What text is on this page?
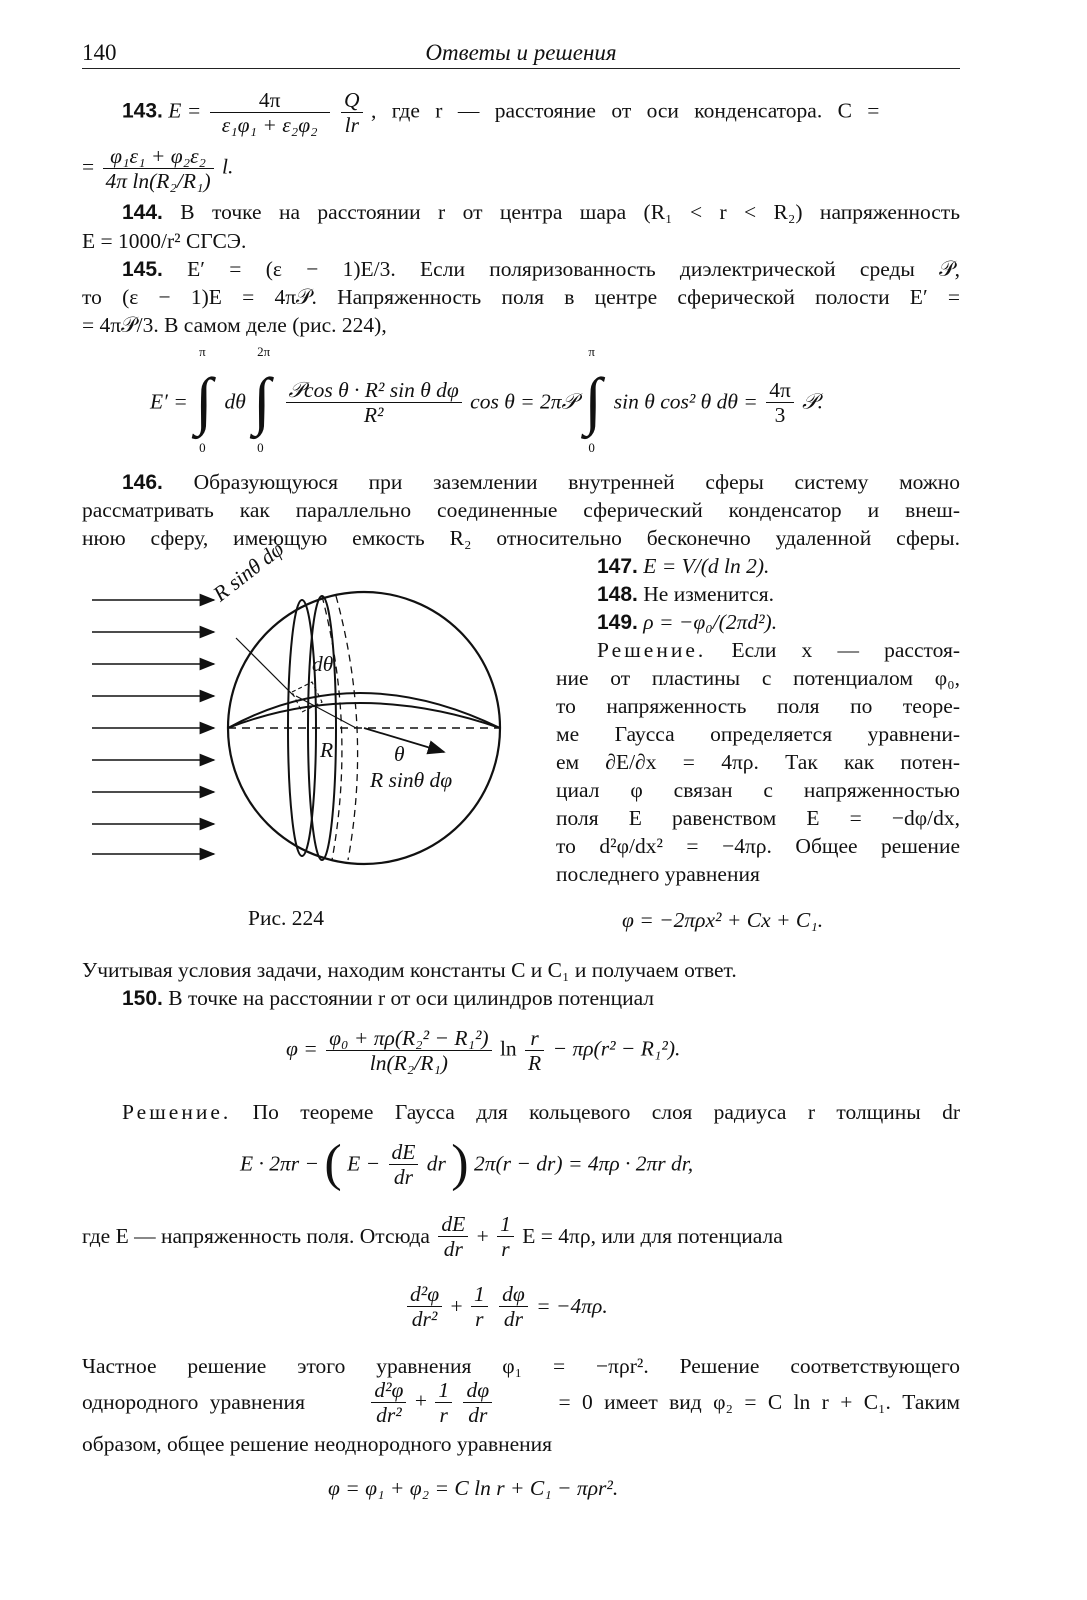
140	Ответы и решения
143. $E = \frac{4\pi}{\text{ε₁φ₁ + ε₂φ₂}}$
$\frac{Q}{lr}$ , где r — расстояние от оси конденсатора. C =
= $\frac{\text{φ₁ε₁ + φ₂ε₂}}{\text{4π ln(R₂/R₁)}} l$.
144. В точке на расстоянии r от центра шара (R₁ < r < R₂) напряженность
E = 1000/r² СГСЭ.
145. E′ = (ε − 1)E/3. Если поляризованность диэлектрической среды 𝒫,
то (ε − 1)E = 4π𝒫. Напряженность поля в центре сферической полости E′ =
= 4π𝒫/3. В самом деле (рис. 224),
E′ =
π
∫
0
dθ
2π
∫
0

$\frac{\text{𝒫cos θ · R² sin θ dφ}}{\text{R²}}$ cos θ = 2π𝒫
π
∫
0
sin θ cos² θ $d\theta = \frac{4\pi}{3}$ 𝒫.
146. Образующуюся при заземлении внутренней сферы систему можно
рассматривать как параллельно соединенные сферический конденсатор и внеш-
нюю сферу, имеющую емкость R₂ относительно бесконечно удаленной сферы.
147. E = V/(d ln 2).
148. Не изменится.
149. ρ = −φ₀/(2πd²).
Решение. Если x — расстоя-
ние от пластины с потенциалом φ₀,
то напряженность поля по теоре-
ме Гаусса определяется уравнени-
ем ∂E/∂x = 4πρ. Так как потен-
циал φ связан с напряженностью
поля E равенством E = −dφ/dx,
то d²φ/dx² = −4πρ. Общее решение
последнего уравнения
φ = −2πρx² + Cx + C₁.
R sinθ dφ
dθ
R	θ
R sinθ dφ
Рис. 224
Учитывая условия задачи, находим константы C и C₁ и получаем ответ.
150. В точке на расстоянии r от оси цилиндров потенциал
$\varphi = \frac{\text{φ₀ + πρ(R₂² − R₁²)}}{\text{ln(R₂/R₁)}}$ $\ln \frac{r}{R} - \pi\rho(r^2 - R_1^2)$.
Решение. По теореме Гаусса для кольцевого слоя радиуса r толщины dr
E · 2πr − ( $E - \frac{dE}{dr}$ dr ) 2π(r − dr) = 4πρ · 2πr dr,
где E — напряженность поля. Отсюда $\frac{dE}{dr} + \frac{1}{r}$ E = 4πρ, или для потенциала
$\frac{\text{d²φ}}{\text{dr²}} + \frac{1}{r}$
$\frac{d\varphi}{dr} = -4\pi\rho$.
Частное решение этого уравнения φ₁ = −πρr². Решение соответствующего
однородного уравнения	$\frac{\text{d²φ}}{\text{dr²}} + \frac{1}{r}$
$\frac{d\varphi}{dr}$	= 0 имеет вид φ₂ = C ln r + C₁. Таким
образом, общее решение неоднородного уравнения
φ = φ₁ + φ₂ = C ln r + C₁ − πρr².
